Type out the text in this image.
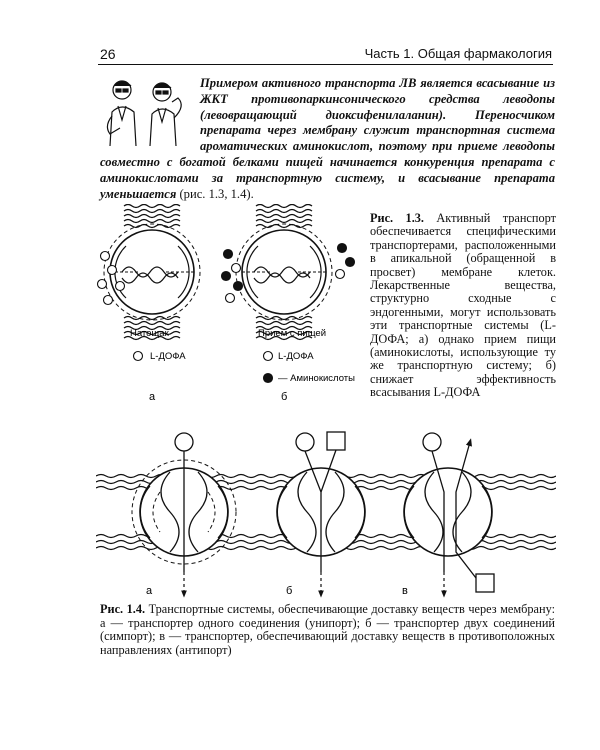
26	Часть 1. Общая фармакология

Примером активного транспорта ЛВ является всасывание из ЖКТ противопаркинсонического средства леводопы (левовращающий диоксифенилаланин). Переносчиком препарата через мембрану служит транспортная система ароматических аминокислот, поэтому при приеме леводопы совместно с богатой белками пищей начинается конкуренция препарата с аминокислотами за транспортную систему, и всасывание препарата уменьшается (рис. 1.3, 1.4).

Натощак
L-ДОФА
а
Прием с пищей
L-ДОФА
— Аминокислоты
б

Рис. 1.3. Активный транспорт обеспечивается специфическими транспортерами, расположенными в апикальной (обращенной в просвет) мембране клеток. Лекарственные вещества, структурно сходные с эндогенными, могут использовать эти транспортные системы (L-ДОФА; а) однако прием пищи (аминокислоты, использующие ту же транспортную систему; б) снижает эффективность всасывания L-ДОФА

а	б	в

Рис. 1.4. Транспортные системы, обеспечивающие доставку веществ через мембрану: а — транспортер одного соединения (унипорт); б — транспортер двух соединений (симпорт); в — транспортер, обеспечивающий доставку веществ в противоположных направлениях (антипорт)
